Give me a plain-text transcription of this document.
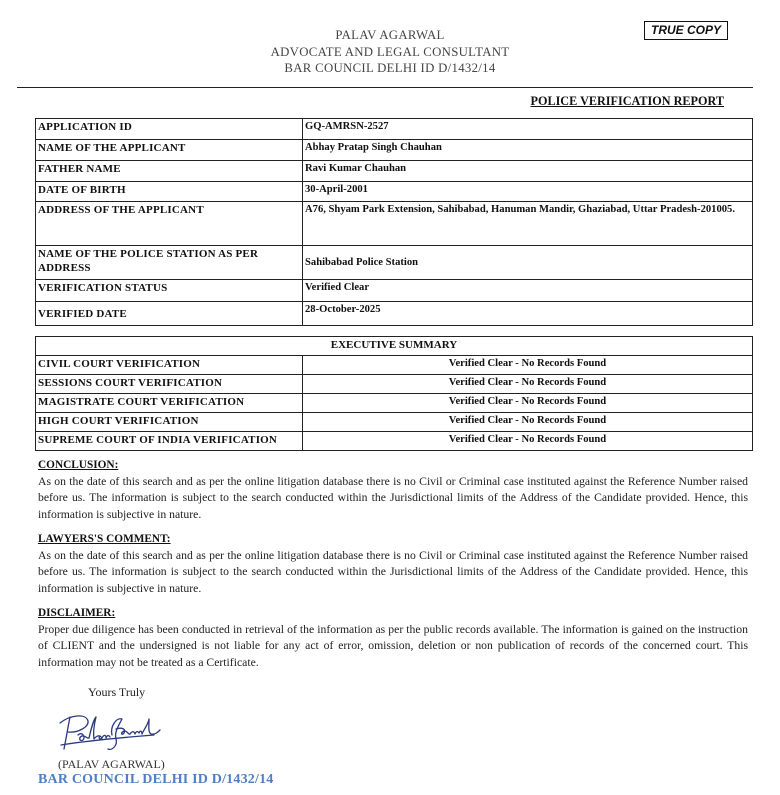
PALAV AGARWAL
ADVOCATE AND LEGAL CONSULTANT
BAR COUNCIL DELHI ID D/1432/14
TRUE COPY
POLICE VERIFICATION REPORT
APPLICATION ID	GQ-AMRSN-2527
NAME OF THE APPLICANT	Abhay Pratap Singh Chauhan
FATHER NAME	Ravi Kumar Chauhan
DATE OF BIRTH	30-April-2001
ADDRESS OF THE APPLICANT	A76, Shyam Park Extension, Sahibabad, Hanuman Mandir, Ghaziabad, Uttar Pradesh-201005.
NAME OF THE POLICE STATION AS PER ADDRESS	Sahibabad Police Station
VERIFICATION STATUS	Verified Clear
VERIFIED DATE	28-October-2025
EXECUTIVE SUMMARY	
CIVIL COURT VERIFICATION	Verified Clear - No Records Found
SESSIONS COURT VERIFICATION	Verified Clear - No Records Found
MAGISTRATE COURT VERIFICATION	Verified Clear - No Records Found
HIGH COURT VERIFICATION	Verified Clear - No Records Found
SUPREME COURT OF INDIA VERIFICATION	Verified Clear - No Records Found
CONCLUSION:

As on the date of this search and as per the online litigation database there is no Civil or Criminal case instituted against the Reference Number raised before us. The information is subject to the search conducted within the Jurisdictional limits of the Address of the Candidate provided. Hence, this information is subjective in nature.

LAWYERS'S COMMENT:

As on the date of this search and as per the online litigation database there is no Civil or Criminal case instituted against the Reference Number raised before us. The information is subject to the search conducted within the Jurisdictional limits of the Address of the Candidate provided. Hence, this information is subjective in nature.

DISCLAIMER:

Proper due diligence has been conducted in retrieval of the information as per the public records available. The information is gained on the instruction of CLIENT and the undersigned is not liable for any act of error, omission, deletion or non publication of records of the concerned court. This information may not be treated as a Certificate.

Yours Truly
(PALAV AGARWAL)
BAR COUNCIL DELHI ID D/1432/14
